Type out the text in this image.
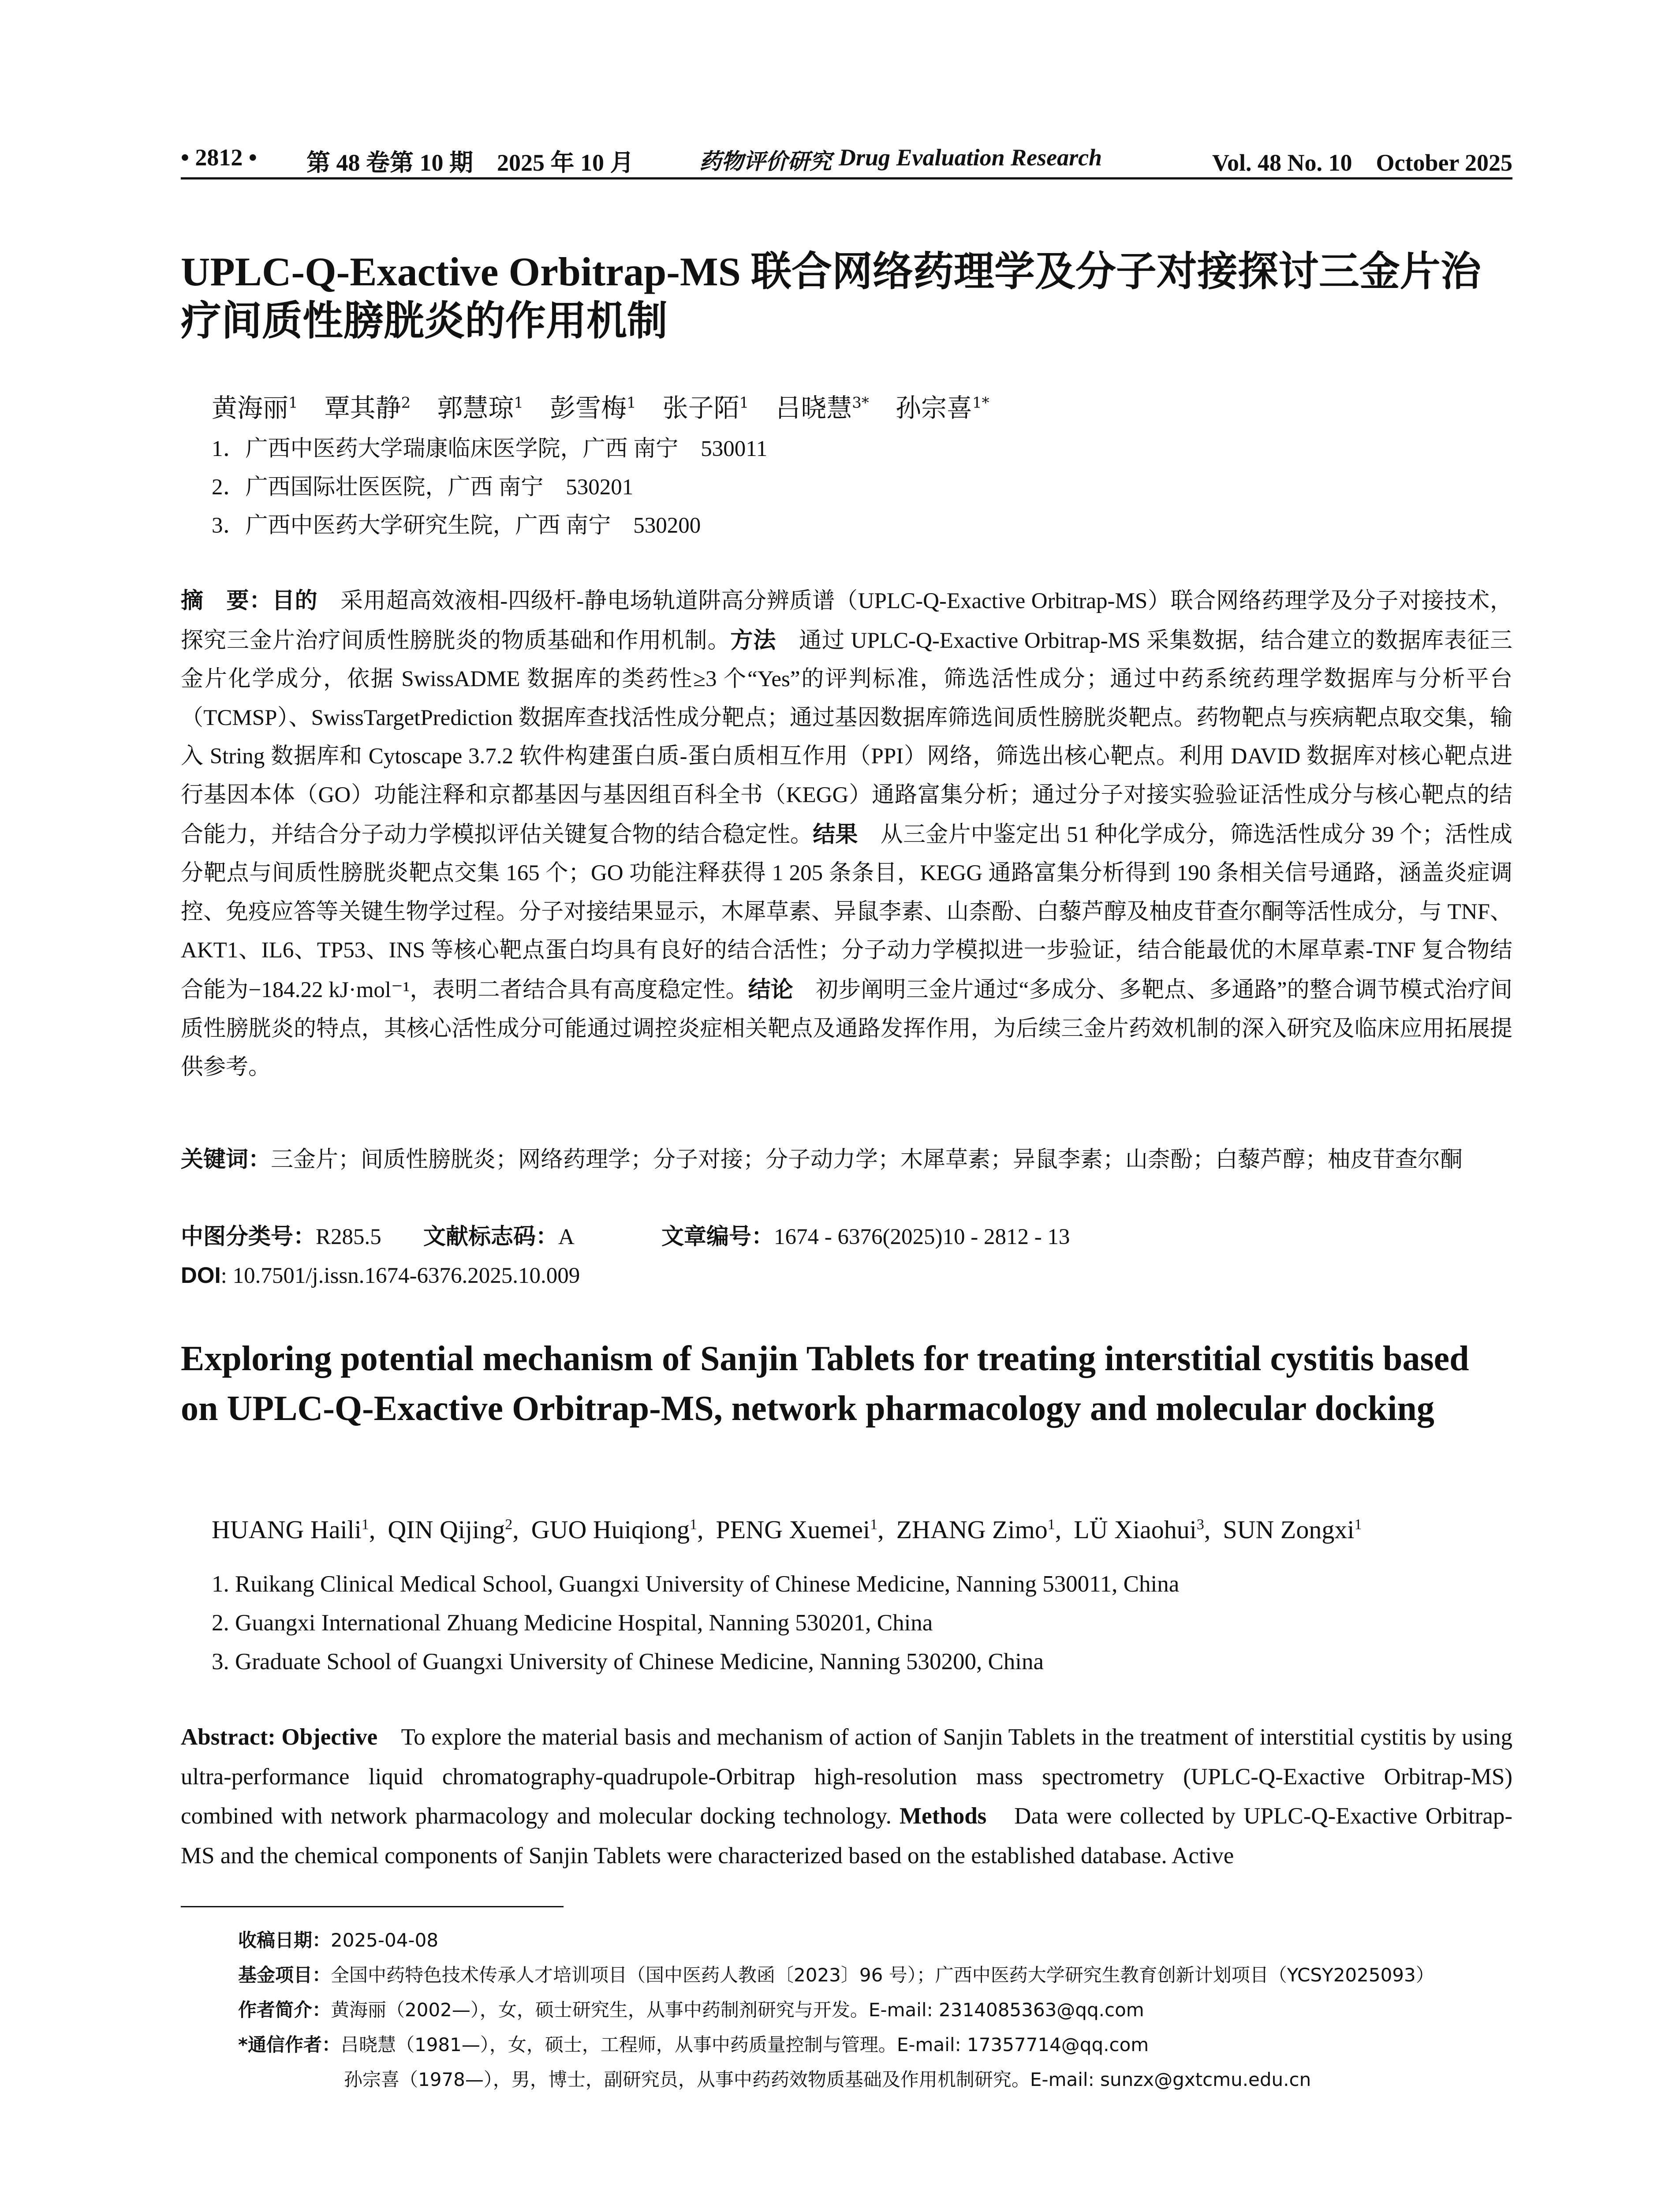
• 2812 • 第 48 卷第 10 期　2025 年 10 月	药物评价研究 Drug Evaluation Research	Vol. 48 No. 10　October 2025
UPLC-Q-Exactive Orbitrap-MS 联合网络药理学及分子对接探讨三金片治疗间质性膀胱炎的作用机制
黄海丽$^1$ 覃其静$^2$ 郭慧琼$^1$ 彭雪梅$^1$ 张子陌$^1$ 吕晓慧$^{3*}$ 孙宗喜$^{1*}$
1．广西中医药大学瑞康临床医学院，广西 南宁　530011
2．广西国际壮医医院，广西 南宁　530201
3．广西中医药大学研究生院，广西 南宁　530200

摘　要：目的　采用超高效液相-四级杆-静电场轨道阱高分辨质谱（UPLC-Q-Exactive Orbitrap-MS）联合网络药理学及分子对接技术，探究三金片治疗间质性膀胱炎的物质基础和作用机制。方法　通过 UPLC-Q-Exactive Orbitrap-MS 采集数据，结合建立的数据库表征三金片化学成分，依据 SwissADME 数据库的类药性≥3 个“Yes”的评判标准，筛选活性成分；通过中药系统药理学数据库与分析平台（TCMSP）、SwissTargetPrediction 数据库查找活性成分靶点；通过基因数据库筛选间质性膀胱炎靶点。药物靶点与疾病靶点取交集，输入 String 数据库和 Cytoscape 3.7.2 软件构建蛋白质-蛋白质相互作用（PPI）网络，筛选出核心靶点。利用 DAVID 数据库对核心靶点进行基因本体（GO）功能注释和京都基因与基因组百科全书（KEGG）通路富集分析；通过分子对接实验验证活性成分与核心靶点的结合能力，并结合分子动力学模拟评估关键复合物的结合稳定性。结果　从三金片中鉴定出 51 种化学成分，筛选活性成分 39 个；活性成分靶点与间质性膀胱炎靶点交集 165 个；GO 功能注释获得 1 205 条条目，KEGG 通路富集分析得到 190 条相关信号通路，涵盖炎症调控、免疫应答等关键生物学过程。分子对接结果显示，木犀草素、异鼠李素、山柰酚、白藜芦醇及柚皮苷查尔酮等活性成分，与 TNF、AKT1、IL6、TP53、INS 等核心靶点蛋白均具有良好的结合活性；分子动力学模拟进一步验证，结合能最优的木犀草素-TNF 复合物结合能为−184.22 kJ·mol⁻¹，表明二者结合具有高度稳定性。结论　初步阐明三金片通过“多成分、多靶点、多通路”的整合调节模式治疗间质性膀胱炎的特点，其核心活性成分可能通过调控炎症相关靶点及通路发挥作用，为后续三金片药效机制的深入研究及临床应用拓展提供参考。

关键词：三金片；间质性膀胱炎；网络药理学；分子对接；分子动力学；木犀草素；异鼠李素；山柰酚；白藜芦醇；柚皮苷查尔酮

中图分类号：R285.5	文献标志码：A	文章编号：1674 - 6376(2025)10 - 2812 - 13

DOI: 10.7501/j.issn.1674-6376.2025.10.009

Exploring potential mechanism of Sanjin Tablets for treating interstitial cystitis based on UPLC-Q-Exactive Orbitrap-MS, network pharmacology and molecular docking
HUANG Haili$^1$, QIN Qijing$^2$, GUO Huiqiong$^1$, PENG Xuemei$^1$, ZHANG Zimo$^1$, LÜ Xiaohui$^3$, SUN Zongxi$^1$
1. Ruikang Clinical Medical School, Guangxi University of Chinese Medicine, Nanning 530011, China
2. Guangxi International Zhuang Medicine Hospital, Nanning 530201, China
3. Graduate School of Guangxi University of Chinese Medicine, Nanning 530200, China

Abstract: Objective　To explore the material basis and mechanism of action of Sanjin Tablets in the treatment of interstitial cystitis by using ultra-performance liquid chromatography-quadrupole-Orbitrap high-resolution mass spectrometry (UPLC-Q-Exactive Orbitrap-MS) combined with network pharmacology and molecular docking technology. Methods　Data were collected by UPLC-Q-Exactive Orbitrap-MS and the chemical components of Sanjin Tablets were characterized based on the established database. Active

收稿日期：2025-04-08
基金项目：全国中药特色技术传承人才培训项目（国中医药人教函〔2023〕96 号）；广西中医药大学研究生教育创新计划项目（YCSY2025093）
作者简介：黄海丽（2002—），女，硕士研究生，从事中药制剂研究与开发。E-mail: 2314085363@qq.com
*通信作者：吕晓慧（1981—），女，硕士，工程师，从事中药质量控制与管理。E-mail: 17357714@qq.com
孙宗喜（1978—），男，博士，副研究员，从事中药药效物质基础及作用机制研究。E-mail: sunzx@gxtcmu.edu.cn
